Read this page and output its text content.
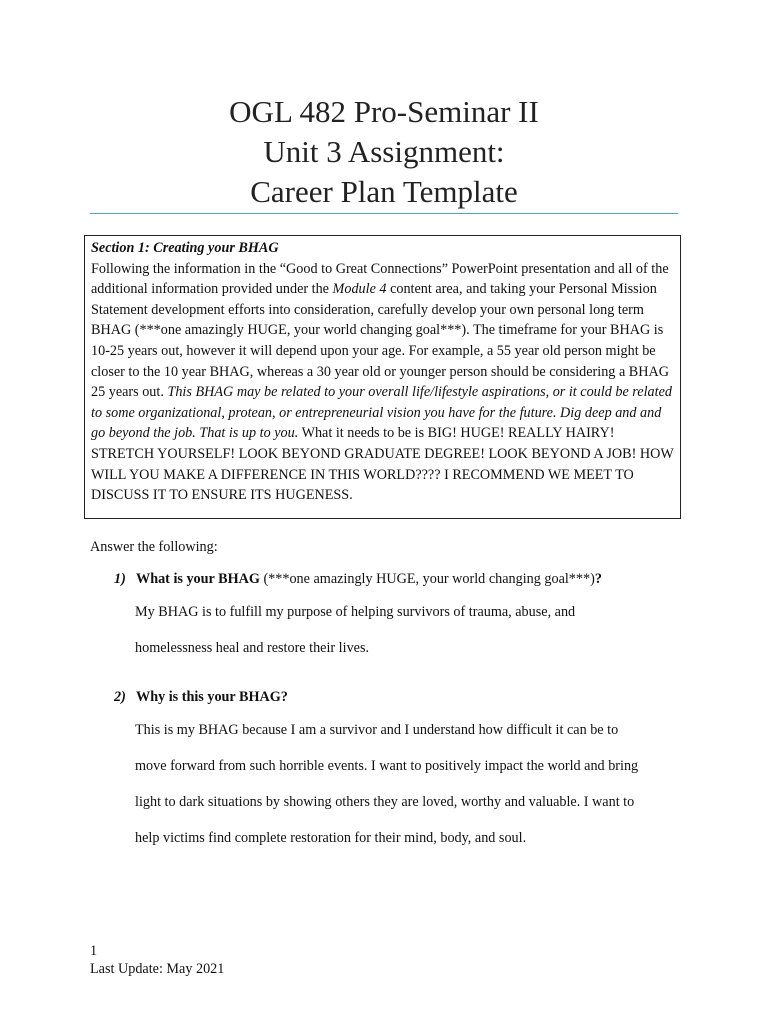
OGL 482 Pro-Seminar II
Unit 3 Assignment:
Career Plan Template
Section 1: Creating your BHAG
Following the information in the “Good to Great Connections” PowerPoint presentation and all of the additional information provided under the Module 4 content area, and taking your Personal Mission Statement development efforts into consideration, carefully develop your own personal long term BHAG (***one amazingly HUGE, your world changing goal***). The timeframe for your BHAG is 10-25 years out, however it will depend upon your age. For example, a 55 year old person might be closer to the 10 year BHAG, whereas a 30 year old or younger person should be considering a BHAG 25 years out. This BHAG may be related to your overall life/lifestyle aspirations, or it could be related to some organizational, protean, or entrepreneurial vision you have for the future. Dig deep and and go beyond the job. That is up to you. What it needs to be is BIG! HUGE! REALLY HAIRY! STRETCH YOURSELF! LOOK BEYOND GRADUATE DEGREE! LOOK BEYOND A JOB! HOW WILL YOU MAKE A DIFFERENCE IN THIS WORLD???? I RECOMMEND WE MEET TO DISCUSS IT TO ENSURE ITS HUGENESS.
Answer the following:
1) What is your BHAG (***one amazingly HUGE, your world changing goal***)?
My BHAG is to fulfill my purpose of helping survivors of trauma, abuse, and
homelessness heal and restore their lives.
2) Why is this your BHAG?
This is my BHAG because I am a survivor and I understand how difficult it can be to
move forward from such horrible events. I want to positively impact the world and bring
light to dark situations by showing others they are loved, worthy and valuable. I want to
help victims find complete restoration for their mind, body, and soul.
1
Last Update: May 2021
